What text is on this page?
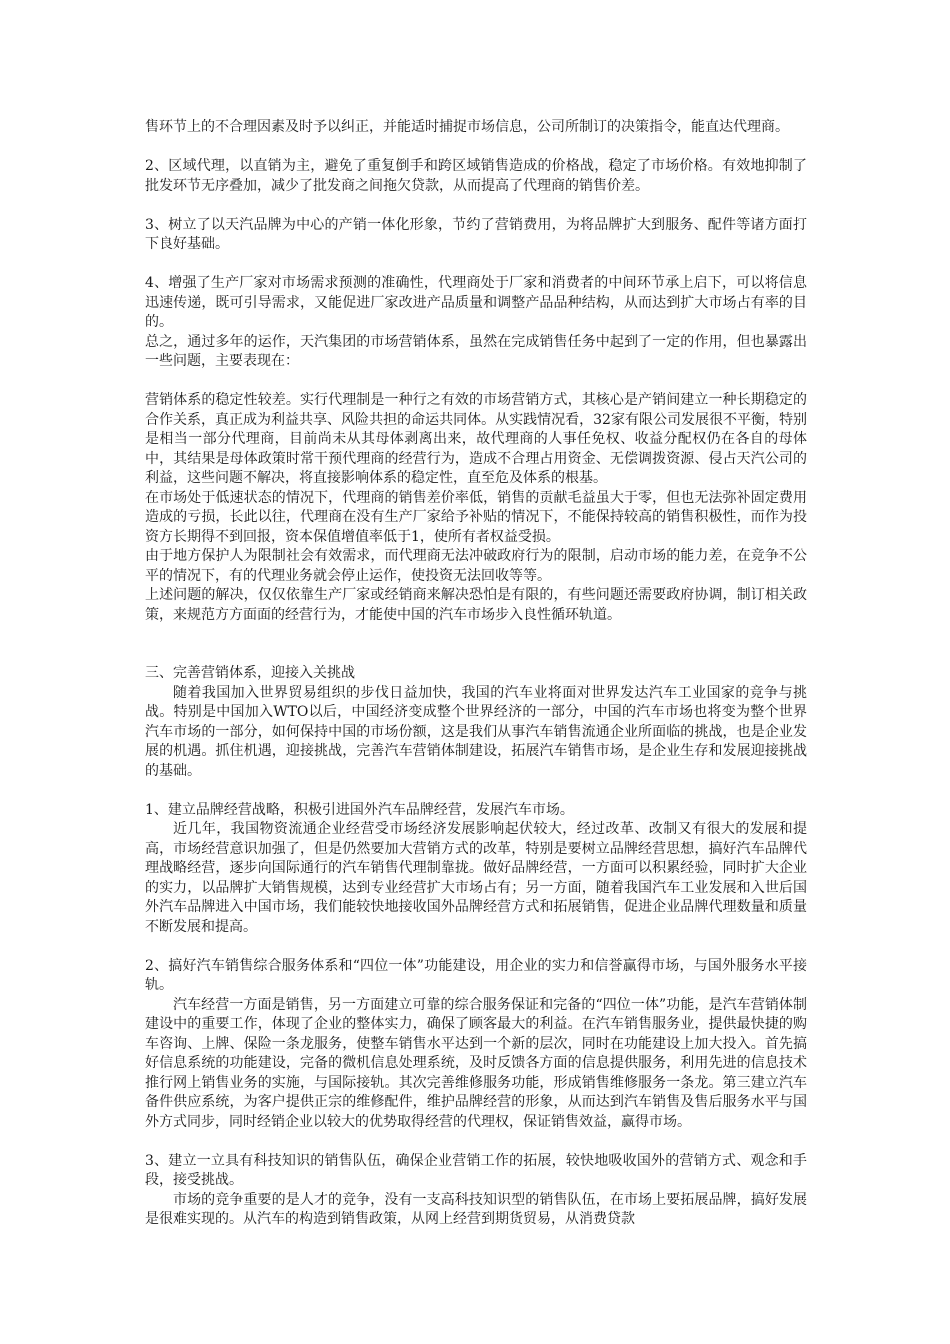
售环节上的不合理因素及时予以纠正，并能适时捕捉市场信息，公司所制订的决策指令，能直达代理商。

2、区域代理，以直销为主，避免了重复倒手和跨区域销售造成的价格战，稳定了市场价格。有效地抑制了批发环节无序叠加，减少了批发商之间拖欠贷款，从而提高了代理商的销售价差。

3、树立了以天汽品牌为中心的产销一体化形象，节约了营销费用，为将品牌扩大到服务、配件等诸方面打下良好基础。

4、增强了生产厂家对市场需求预测的准确性，代理商处于厂家和消费者的中间环节承上启下，可以将信息迅速传递，既可引导需求，又能促进厂家改进产品质量和调整产品品种结构，从而达到扩大市场占有率的目的。

总之，通过多年的运作，天汽集团的市场营销体系，虽然在完成销售任务中起到了一定的作用，但也暴露出一些问题，主要表现在：

营销体系的稳定性较差。实行代理制是一种行之有效的市场营销方式，其核心是产销间建立一种长期稳定的合作关系，真正成为利益共享、风险共担的命运共同体。从实践情况看，32家有限公司发展很不平衡，特别是相当一部分代理商，目前尚未从其母体剥离出来，故代理商的人事任免权、收益分配权仍在各自的母体中，其结果是母体政策时常干预代理商的经营行为，造成不合理占用资金、无偿调拨资源、侵占天汽公司的利益，这些问题不解决，将直接影响体系的稳定性，直至危及体系的根基。

在市场处于低速状态的情况下，代理商的销售差价率低，销售的贡献毛益虽大于零，但也无法弥补固定费用造成的亏损，长此以往，代理商在没有生产厂家给予补贴的情况下，不能保持较高的销售积极性，而作为投资方长期得不到回报，资本保值增值率低于1，使所有者权益受损。

由于地方保护人为限制社会有效需求，而代理商无法冲破政府行为的限制，启动市场的能力差，在竞争不公平的情况下，有的代理业务就会停止运作，使投资无法回收等等。

上述问题的解决，仅仅依靠生产厂家或经销商来解决恐怕是有限的，有些问题还需要政府协调，制订相关政策，来规范方方面面的经营行为，才能使中国的汽车市场步入良性循环轨道。

三、完善营销体系，迎接入关挑战

随着我国加入世界贸易组织的步伐日益加快，我国的汽车业将面对世界发达汽车工业国家的竞争与挑战。特别是中国加入WTO以后，中国经济变成整个世界经济的一部分，中国的汽车市场也将变为整个世界汽车市场的一部分，如何保持中国的市场份额，这是我们从事汽车销售流通企业所面临的挑战，也是企业发展的机遇。抓住机遇，迎接挑战，完善汽车营销体制建设，拓展汽车销售市场，是企业生存和发展迎接挑战的基础。

1、建立品牌经营战略，积极引进国外汽车品牌经营，发展汽车市场。

近几年，我国物资流通企业经营受市场经济发展影响起伏较大，经过改革、改制又有很大的发展和提高，市场经营意识加强了，但是仍然要加大营销方式的改革，特别是要树立品牌经营思想，搞好汽车品牌代理战略经营，逐步向国际通行的汽车销售代理制靠拢。做好品牌经营，一方面可以积累经验，同时扩大企业的实力，以品牌扩大销售规模，达到专业经营扩大市场占有；另一方面，随着我国汽车工业发展和入世后国外汽车品牌进入中国市场，我们能较快地接收国外品牌经营方式和拓展销售，促进企业品牌代理数量和质量不断发展和提高。

2、搞好汽车销售综合服务体系和“四位一体”功能建设，用企业的实力和信誉赢得市场，与国外服务水平接轨。

汽车经营一方面是销售，另一方面建立可靠的综合服务保证和完备的“四位一体”功能，是汽车营销体制建设中的重要工作，体现了企业的整体实力，确保了顾客最大的利益。在汽车销售服务业，提供最快捷的购车咨询、上牌、保险一条龙服务，使整车销售水平达到一个新的层次，同时在功能建设上加大投入。首先搞好信息系统的功能建设，完备的微机信息处理系统，及时反馈各方面的信息提供服务，利用先进的信息技术推行网上销售业务的实施，与国际接轨。其次完善维修服务功能，形成销售维修服务一条龙。第三建立汽车备件供应系统，为客户提供正宗的维修配件，维护品牌经营的形象，从而达到汽车销售及售后服务水平与国外方式同步，同时经销企业以较大的优势取得经营的代理权，保证销售效益，赢得市场。

3、建立一立具有科技知识的销售队伍，确保企业营销工作的拓展，较快地吸收国外的营销方式、观念和手段，接受挑战。

市场的竞争重要的是人才的竞争，没有一支高科技知识型的销售队伍，在市场上要拓展品牌，搞好发展是很难实现的。从汽车的构造到销售政策，从网上经营到期货贸易，从消费贷款
